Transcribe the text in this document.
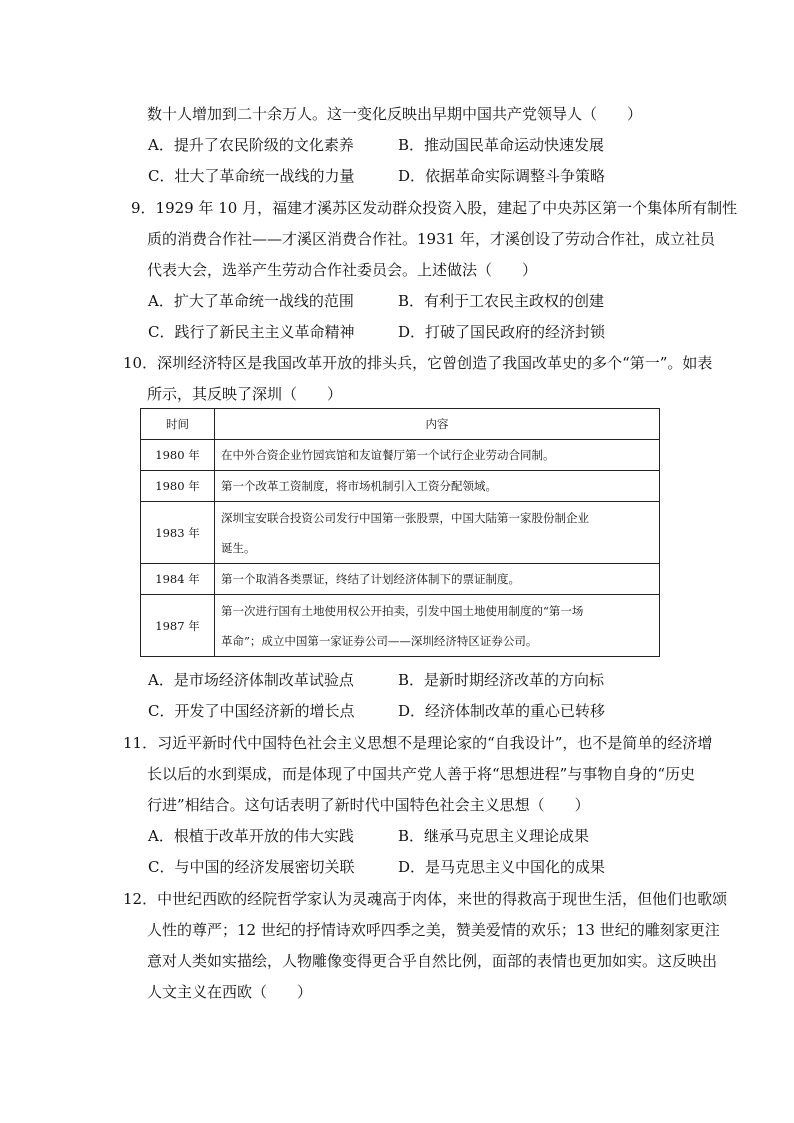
数十人增加到二十余万人。这一变化反映出早期中国共产党领导人（　　）
A．提升了农民阶级的文化素养	B．推动国民革命运动快速发展
C．壮大了革命统一战线的力量	D．依据革命实际调整斗争策略
9．1929 年 10 月，福建才溪苏区发动群众投资入股，建起了中央苏区第一个集体所有制性
质的消费合作社——才溪区消费合作社。1931 年，才溪创设了劳动合作社，成立社员
代表大会，选举产生劳动合作社委员会。上述做法（　　）
A．扩大了革命统一战线的范围	B．有利于工农民主政权的创建
C．践行了新民主主义革命精神	D．打破了国民政府的经济封锁
10．深圳经济特区是我国改革开放的排头兵，它曾创造了我国改革史的多个“第一”。如表
所示，其反映了深圳（　　）
时间	内容
1980 年	在中外合资企业竹园宾馆和友谊餐厅第一个试行企业劳动合同制。
1980 年	第一个改革工资制度，将市场机制引入工资分配领域。
1983 年	深圳宝安联合投资公司发行中国第一张股票，中国大陆第一家股份制企业
诞生。

1984 年	第一个取消各类票证，终结了计划经济体制下的票证制度。
1987 年	第一次进行国有土地使用权公开拍卖，引发中国土地使用制度的“第一场
革命”；成立中国第一家证券公司——深圳经济特区证券公司。
A．是市场经济体制改革试验点	B．是新时期经济改革的方向标
C．开发了中国经济新的增长点	D．经济体制改革的重心已转移
11．习近平新时代中国特色社会主义思想不是理论家的“自我设计”，也不是简单的经济增
长以后的水到渠成，而是体现了中国共产党人善于将“思想进程”与事物自身的“历史
行进”相结合。这句话表明了新时代中国特色社会主义思想（　　）
A．根植于改革开放的伟大实践	B．继承马克思主义理论成果
C．与中国的经济发展密切关联	D．是马克思主义中国化的成果
12．中世纪西欧的经院哲学家认为灵魂高于肉体，来世的得救高于现世生活，但他们也歌颂
人性的尊严；12 世纪的抒情诗欢呼四季之美，赞美爱情的欢乐；13 世纪的雕刻家更注
意对人类如实描绘，人物雕像变得更合乎自然比例，面部的表情也更加如实。这反映出
人文主义在西欧（　　）
